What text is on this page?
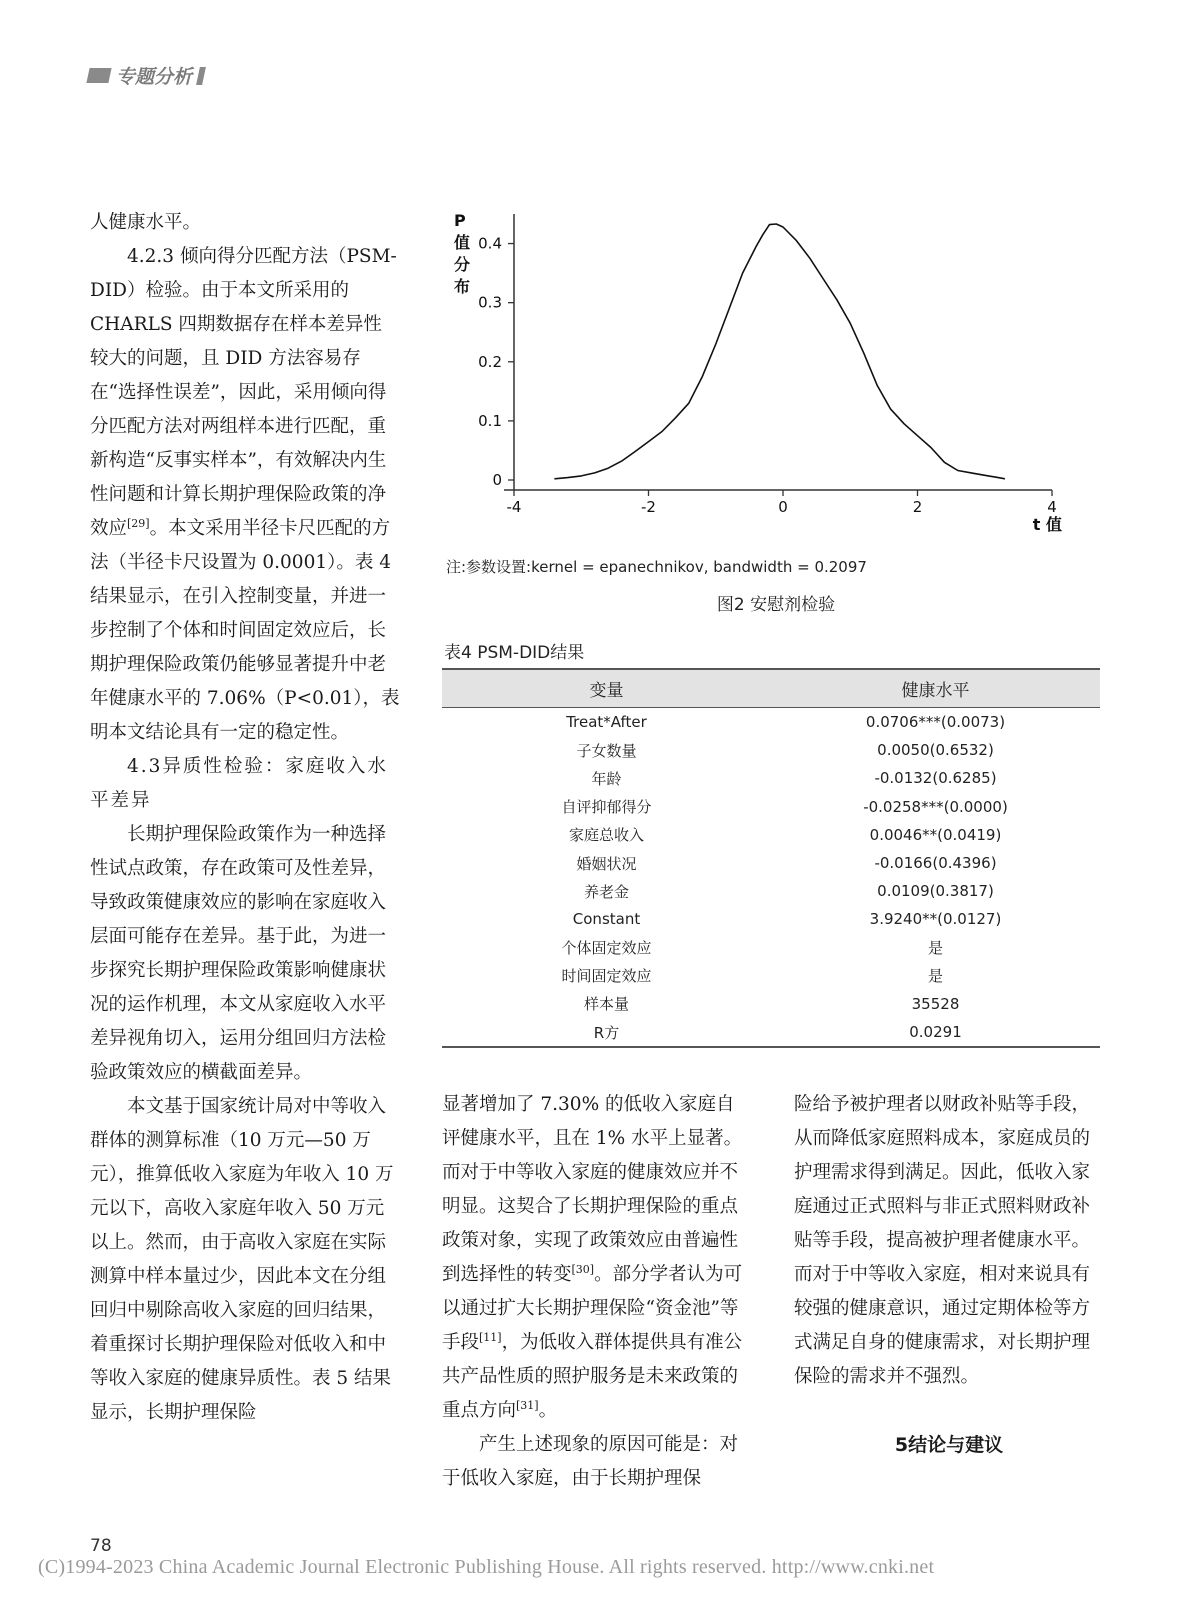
专题分析

人健康水平。

4.2.3 倾向得分匹配方法（PSM-DID）检验。由于本文所采用的 CHARLS 四期数据存在样本差异性较大的问题，且 DID 方法容易存在“选择性误差”，因此，采用倾向得分匹配方法对两组样本进行匹配，重新构造“反事实样本”，有效解决内生性问题和计算长期护理保险政策的净效应[29]。本文采用半径卡尺匹配的方法（半径卡尺设置为 0.0001）。表 4 结果显示，在引入控制变量，并进一步控制了个体和时间固定效应后，长期护理保险政策仍能够显著提升中老年健康水平的 7.06%（P<0.01），表明本文结论具有一定的稳定性。

4.3异质性检验：家庭收入水平差异

长期护理保险政策作为一种选择性试点政策，存在政策可及性差异，导致政策健康效应的影响在家庭收入层面可能存在差异。基于此，为进一步探究长期护理保险政策影响健康状况的运作机理，本文从家庭收入水平差异视角切入，运用分组回归方法检验政策效应的横截面差异。

本文基于国家统计局对中等收入群体的测算标准（10 万元—50 万元），推算低收入家庭为年收入 10 万元以下，高收入家庭年收入 50 万元以上。然而，由于高收入家庭在实际测算中样本量过少，因此本文在分组回归中剔除高收入家庭的回归结果，着重探讨长期护理保险对低收入和中等收入家庭的健康异质性。表 5 结果显示，长期护理保险

0
0.1
0.2
0.3
0.4
-4	-2	0	2	4
P
值
分
布
t 值
注:参数设置:kernel = epanechnikov, bandwidth = 0.2097
图2 安慰剂检验
表4 PSM-DID结果
变量	健康水平
Treat*After	0.0706***(0.0073)
子女数量	0.0050(0.6532)
年龄	-0.0132(0.6285)
自评抑郁得分	-0.0258***(0.0000)
家庭总收入	0.0046**(0.0419)
婚姻状况	-0.0166(0.4396)
养老金	0.0109(0.3817)
Constant	3.9240**(0.0127)
个体固定效应	是
时间固定效应	是
样本量	35528
R方	0.0291

显著增加了 7.30% 的低收入家庭自评健康水平，且在 1% 水平上显著。而对于中等收入家庭的健康效应并不明显。这契合了长期护理保险的重点政策对象，实现了政策效应由普遍性到选择性的转变[30]。部分学者认为可以通过扩大长期护理保险“资金池”等手段[11]，为低收入群体提供具有准公共产品性质的照护服务是未来政策的重点方向[31]。

产生上述现象的原因可能是：对于低收入家庭，由于长期护理保

险给予被护理者以财政补贴等手段，从而降低家庭照料成本，家庭成员的护理需求得到满足。因此，低收入家庭通过正式照料与非正式照料财政补贴等手段，提高被护理者健康水平。而对于中等收入家庭，相对来说具有较强的健康意识，通过定期体检等方式满足自身的健康需求，对长期护理保险的需求并不强烈。

5结论与建议

78
(C)1994-2023 China Academic Journal Electronic Publishing House. All rights reserved. http://www.cnki.net
